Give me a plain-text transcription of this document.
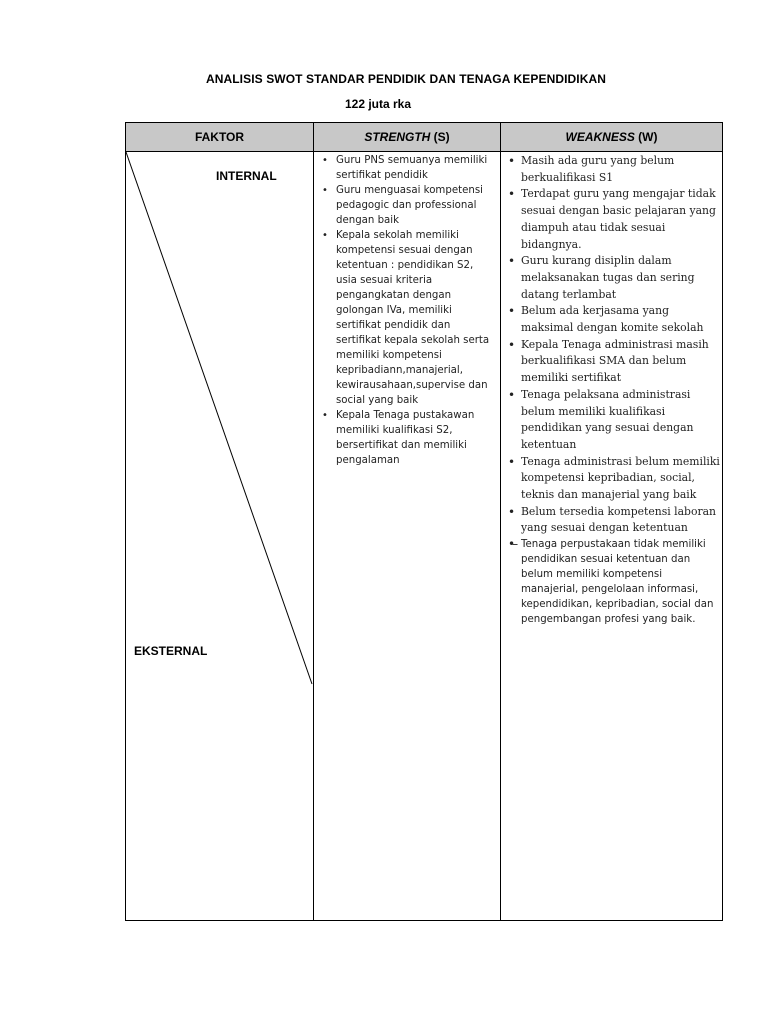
ANALISIS SWOT STANDAR PENDIDIK DAN TENAGA KEPENDIDIKAN
122 juta rka
FAKTOR	STRENGTH (S)	WEAKNESS (W)
INTERNAL
EKSTERNAL
• Guru PNS semuanya memiliki sertifikat pendidik
• Guru menguasai kompetensi pedagogic dan professional dengan baik
• Kepala sekolah memiliki kompetensi sesuai dengan ketentuan : pendidikan S2, usia sesuai kriteria pengangkatan dengan golongan IVa, memiliki sertifikat pendidik dan sertifikat kepala sekolah serta memiliki kompetensi kepribadiann,manajerial, kewirausahaan,supervise dan social yang baik
• Kepala Tenaga pustakawan memiliki kualifikasi S2, bersertifikat dan memiliki pengalaman
• Masih ada guru yang belum berkualifikasi S1
• Terdapat guru yang mengajar tidak sesuai dengan basic pelajaran yang diampuh atau tidak sesuai bidangnya.
• Guru kurang disiplin dalam melaksanakan tugas dan sering datang terlambat
• Belum ada kerjasama yang maksimal dengan komite sekolah
• Kepala Tenaga administrasi masih berkualifikasi SMA dan belum memiliki sertifikat
• Tenaga pelaksana administrasi belum memiliki kualifikasi pendidikan yang sesuai dengan ketentuan
• Tenaga administrasi belum memiliki kompetensi kepribadian, social, teknis dan manajerial yang baik
• Belum tersedia kompetensi laboran yang sesuai dengan ketentuan
•– Tenaga perpustakaan tidak memiliki pendidikan sesuai ketentuan dan belum memiliki kompetensi manajerial, pengelolaan informasi, kependidikan, kepribadian, social dan pengembangan profesi yang baik.
